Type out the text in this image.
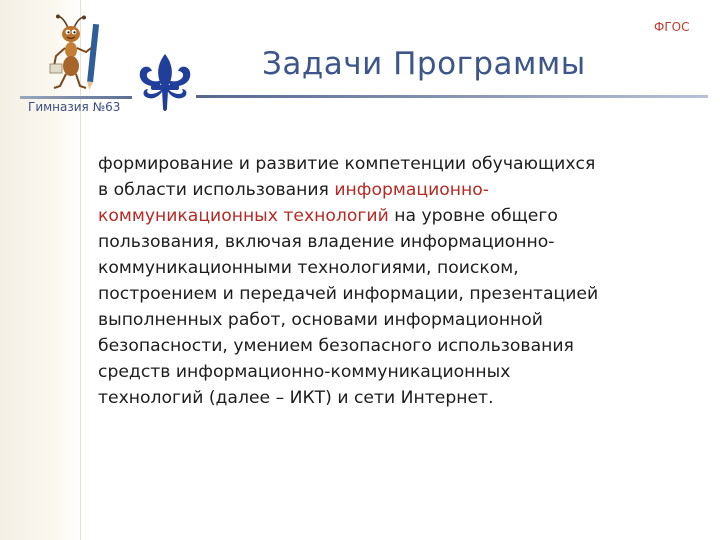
ФГОС
Гимназия №63
Задачи Программы
формирование и развитие компетенции обучающихся
в области использования информационно-
коммуникационных технологий на уровне общего
пользования, включая владение информационно-
коммуникационными технологиями, поиском,
построением и передачей информации, презентацией
выполненных работ, основами информационной
безопасности, умением безопасного использования
средств информационно-коммуникационных
технологий (далее – ИКТ) и сети Интернет.
